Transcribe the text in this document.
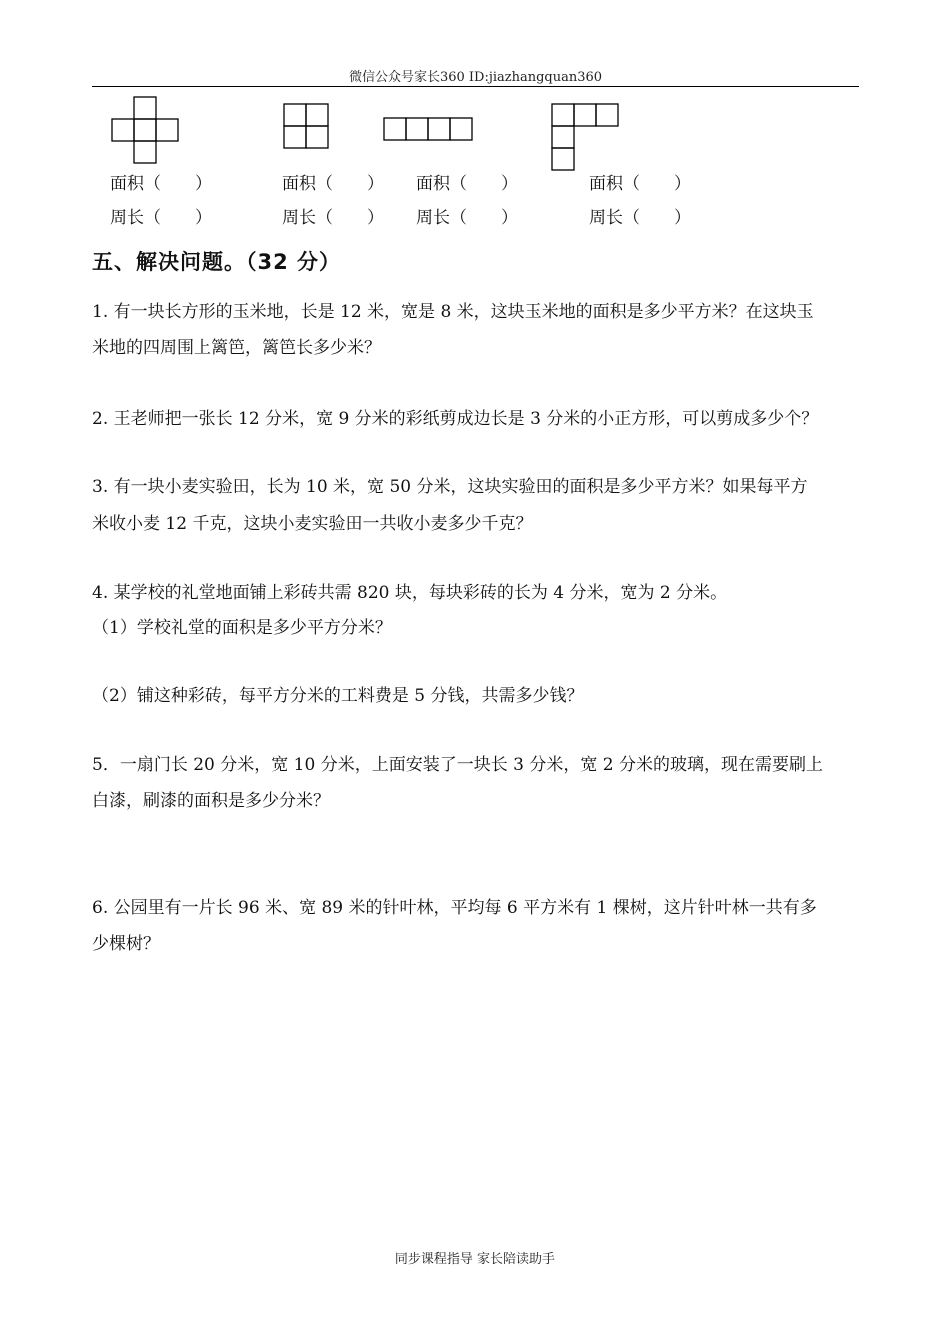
微信公众号家长360 ID:jiazhangquan360
面积（　　）
周长（　　）
面积（　　）
周长（　　）
面积（　　）
周长（　　）
面积（　　）
周长（　　）
五、解决问题。（32 分）
1. 有一块长方形的玉米地，长是 12 米，宽是 8 米，这块玉米地的面积是多少平方米？在这块玉
米地的四周围上篱笆，篱笆长多少米？
2. 王老师把一张长 12 分米，宽 9 分米的彩纸剪成边长是 3 分米的小正方形，可以剪成多少个？
3. 有一块小麦实验田，长为 10 米，宽 50 分米，这块实验田的面积是多少平方米？如果每平方
米收小麦 12 千克，这块小麦实验田一共收小麦多少千克？
4. 某学校的礼堂地面铺上彩砖共需 820 块，每块彩砖的长为 4 分米，宽为 2 分米。
（1）学校礼堂的面积是多少平方分米？
（2）铺这种彩砖，每平方分米的工料费是 5 分钱，共需多少钱？
5．一扇门长 20 分米，宽 10 分米，上面安装了一块长 3 分米，宽 2 分米的玻璃，现在需要刷上
白漆，刷漆的面积是多少分米？
6. 公园里有一片长 96 米、宽 89 米的针叶林，平均每 6 平方米有 1 棵树，这片针叶林一共有多
少棵树？
同步课程指导 家长陪读助手
